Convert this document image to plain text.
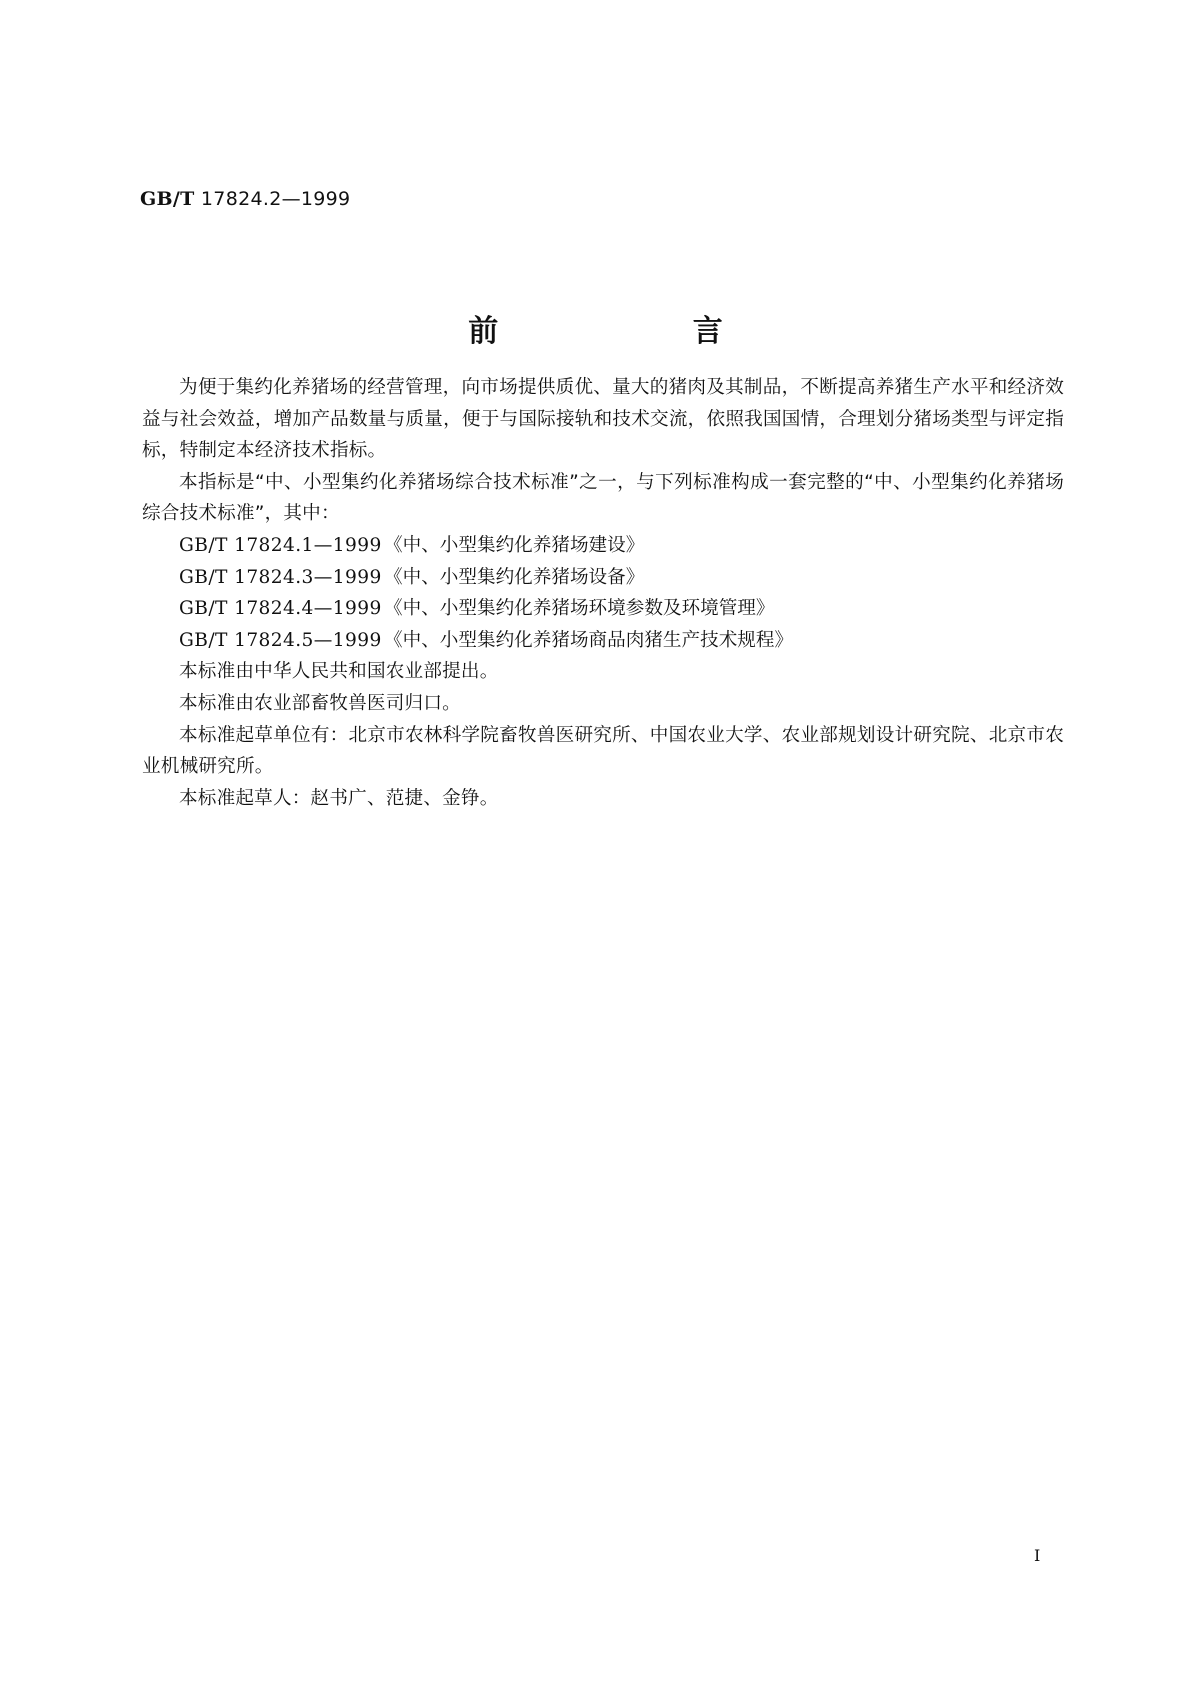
GB/T 17824.2—1999
前 言

为便于集约化养猪场的经营管理，向市场提供质优、量大的猪肉及其制品，不断提高养猪生产水平和经济效益与社会效益，增加产品数量与质量，便于与国际接轨和技术交流，依照我国国情，合理划分猪场类型与评定指标，特制定本经济技术指标。

本指标是“中、小型集约化养猪场综合技术标准”之一，与下列标准构成一套完整的“中、小型集约化养猪场综合技术标准”，其中：

GB/T 17824.1—1999 《中、小型集约化养猪场建设》

GB/T 17824.3—1999 《中、小型集约化养猪场设备》

GB/T 17824.4—1999 《中、小型集约化养猪场环境参数及环境管理》

GB/T 17824.5—1999 《中、小型集约化养猪场商品肉猪生产技术规程》

本标准由中华人民共和国农业部提出。

本标准由农业部畜牧兽医司归口。

本标准起草单位有：北京市农林科学院畜牧兽医研究所、中国农业大学、农业部规划设计研究院、北京市农业机械研究所。

本标准起草人：赵书广、范捷、金铮。

I
